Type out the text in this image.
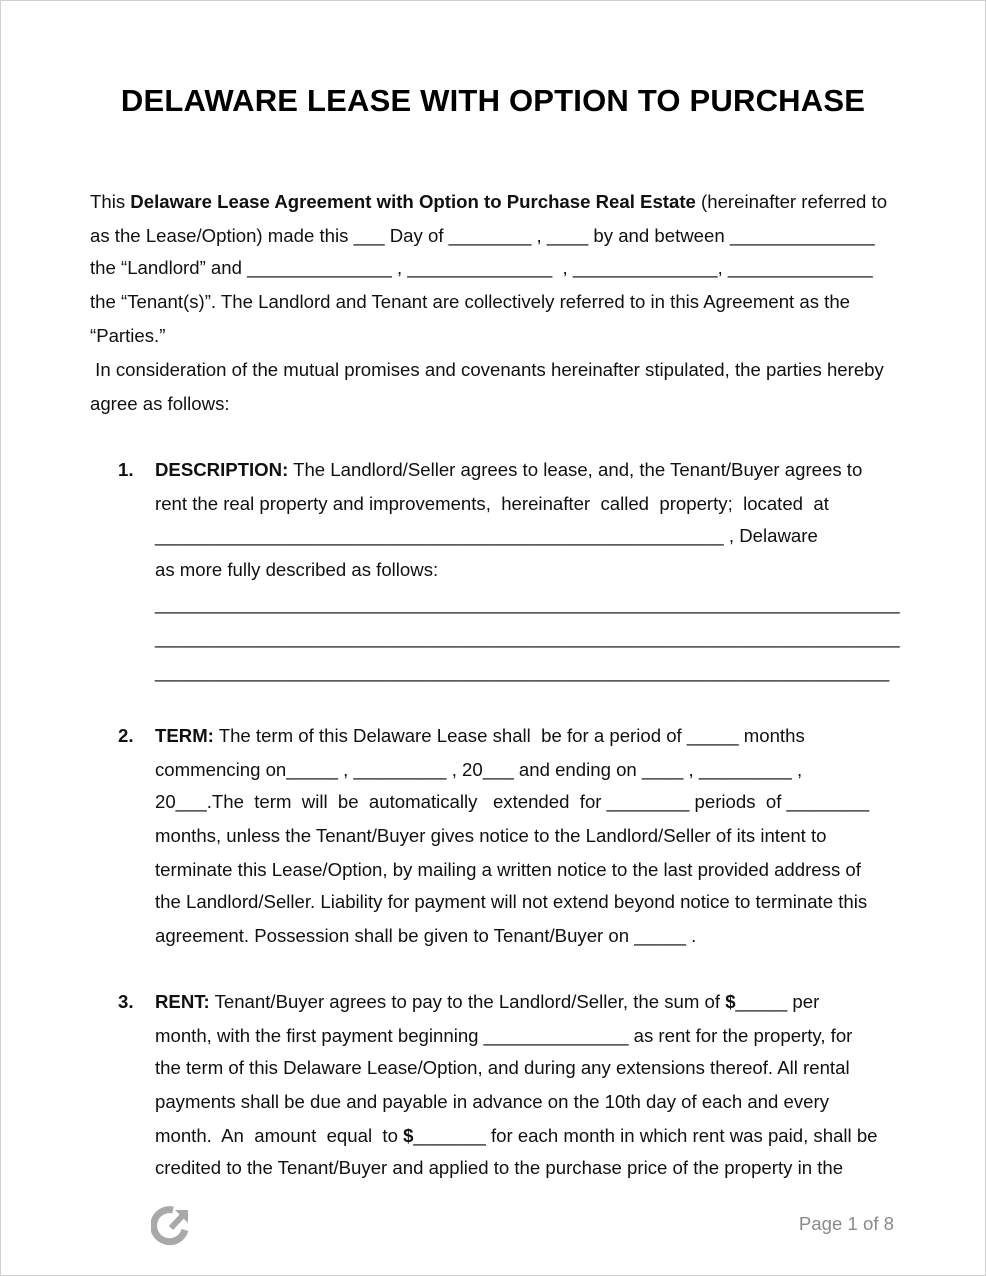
DELAWARE LEASE WITH OPTION TO PURCHASE
This Delaware Lease Agreement with Option to Purchase Real Estate (hereinafter referred to
as the Lease/Option) made this ___ Day of ________ , ____ by and between ______________
the “Landlord” and ______________ , ______________  , ______________, ______________
the “Tenant(s)”. The Landlord and Tenant are collectively referred to in this Agreement as the
“Parties.”
In consideration of the mutual promises and covenants hereinafter stipulated, the parties hereby
agree as follows:
1. DESCRIPTION: The Landlord/Seller agrees to lease, and, the Tenant/Buyer agrees to
rent the real property and improvements,  hereinafter  called  property;  located  at
_______________________________________________________ , Delaware
as more fully described as follows:
________________________________________________________________________
________________________________________________________________________
_______________________________________________________________________
2. TERM: The term of this Delaware Lease shall  be for a period of _____ months
commencing on_____ , _________ , 20___ and ending on ____ , _________ ,
20___.The  term  will  be  automatically   extended  for ________ periods  of ________
months, unless the Tenant/Buyer gives notice to the Landlord/Seller of its intent to
terminate this Lease/Option, by mailing a written notice to the last provided address of
the Landlord/Seller. Liability for payment will not extend beyond notice to terminate this
agreement. Possession shall be given to Tenant/Buyer on _____ .
3. RENT: Tenant/Buyer agrees to pay to the Landlord/Seller, the sum of $_____ per
month, with the first payment beginning ______________ as rent for the property, for
the term of this Delaware Lease/Option, and during any extensions thereof. All rental
payments shall be due and payable in advance on the 10th day of each and every
month.  An  amount  equal  to $_______ for each month in which rent was paid, shall be
credited to the Tenant/Buyer and applied to the purchase price of the property in the
Page 1 of 8
